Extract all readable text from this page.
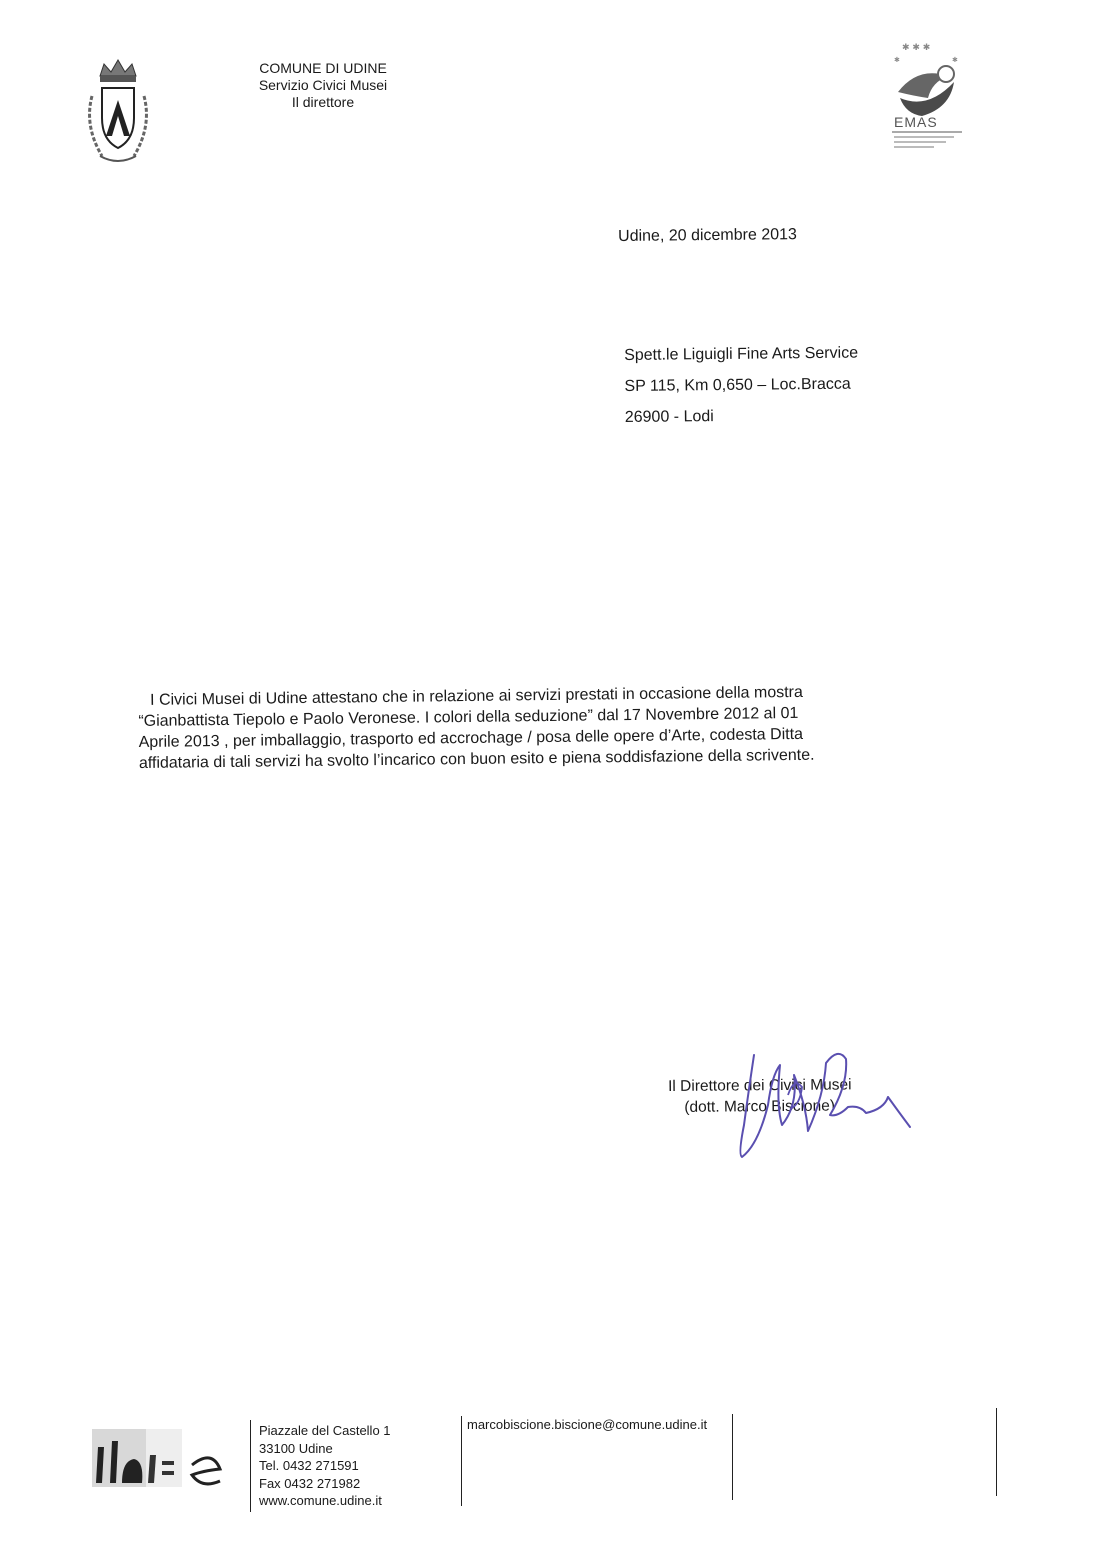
COMUNE DI UDINE
Servizio Civici Musei
Il direttore
✱ ✱ ✱
✱	✱
EMAS
Udine, 20 dicembre 2013
Spett.le Liguigli Fine Arts Service
SP 115, Km 0,650 – Loc.Bracca
26900 - Lodi

I Civici Musei di Udine attestano che in relazione ai servizi prestati in occasione della mostra

“Gianbattista Tiepolo e Paolo Veronese. I colori della seduzione” dal 17 Novembre 2012 al 01

Aprile 2013 , per imballaggio, trasporto ed accrochage / posa delle opere d’Arte, codesta Ditta

affidataria di tali servizi ha svolto l’incarico con buon esito e piena soddisfazione della scrivente.

Il Direttore dei Civici Musei
(dott. Marco Biscione)
Piazzale del Castello 1
33100 Udine
Tel. 0432 271591
Fax 0432 271982
www.comune.udine.it
marcobiscione.biscione@comune.udine.it
